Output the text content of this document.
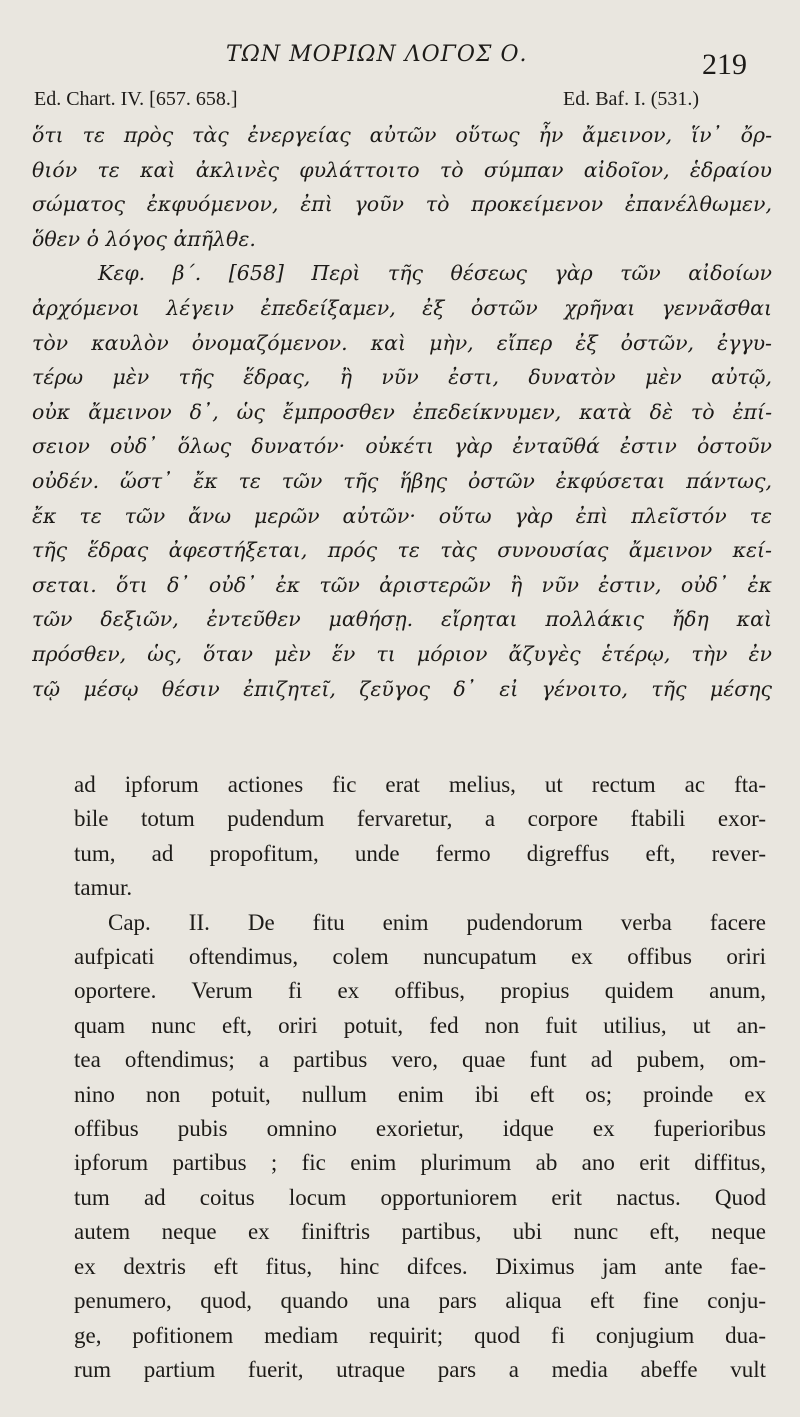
ΤΩΝ ΜΟΡΙΩΝ ΛΟΓΟΣ Ο.	219
Ed. Chart. IV. [657. 658.]	Ed. Baf. I. (531.)
ὅτι τε πρὸς τὰς ἐνεργείας αὐτῶν οὕτως ἦν ἄμεινον, ἵν᾽ ὄρ-
θιόν τε καὶ ἀκλινὲς φυλάττοιτο τὸ σύμπαν αἰδοῖον, ἑδραίου
σώματος ἐκφυόμενον, ἐπὶ γοῦν τὸ προκείμενον ἐπανέλθωμεν,
ὅθεν ὁ λόγος ἀπῆλθε.
Κεφ. β΄. [658] Περὶ τῆς θέσεως γὰρ τῶν αἰδοίων
ἀρχόμενοι λέγειν ἐπεδείξαμεν, ἐξ ὀστῶν χρῆναι γεννᾶσθαι
τὸν καυλὸν ὀνομαζόμενον. καὶ μὴν, εἴπερ ἐξ ὀστῶν, ἐγγυ-
τέρω μὲν τῆς ἕδρας, ἢ νῦν ἐστι, δυνατὸν μὲν αὐτῷ,
οὐκ ἄμεινον δ᾽, ὡς ἔμπροσθεν ἐπεδείκνυμεν, κατὰ δὲ τὸ ἐπί-
σειον οὐδ᾽ ὅλως δυνατόν· οὐκέτι γὰρ ἐνταῦθά ἐστιν ὀστοῦν
οὐδέν. ὥστ᾽ ἔκ τε τῶν τῆς ἥβης ὀστῶν ἐκφύσεται πάντως,
ἔκ τε τῶν ἄνω μερῶν αὐτῶν· οὕτω γὰρ ἐπὶ πλεῖστόν τε
τῆς ἕδρας ἀφεστήξεται, πρός τε τὰς συνουσίας ἄμεινον κεί-
σεται. ὅτι δ᾽ οὐδ᾽ ἐκ τῶν ἀριστερῶν ἢ νῦν ἐστιν, οὐδ᾽ ἐκ
τῶν δεξιῶν, ἐντεῦθεν μαθήσῃ. εἴρηται πολλάκις ἤδη καὶ
πρόσθεν, ὡς, ὅταν μὲν ἕν τι μόριον ἄζυγὲς ἑτέρῳ, τὴν ἐν
τῷ μέσῳ θέσιν ἐπιζητεῖ, ζεῦγος δ᾽ εἰ γένοιτο, τῆς μέσης
ad ipforum actiones fic erat melius, ut rectum ac fta-
bile totum pudendum fervaretur, a corpore ftabili exor-
tum, ad propofitum, unde fermo digreffus eft, rever-
tamur.
Cap. II. De fitu enim pudendorum verba facere
aufpicati oftendimus, colem nuncupatum ex offibus oriri
oportere. Verum fi ex offibus, propius quidem anum,
quam nunc eft, oriri potuit, fed non fuit utilius, ut an-
tea oftendimus; a partibus vero, quae funt ad pubem, om-
nino non potuit, nullum enim ibi eft os; proinde ex
offibus pubis omnino exorietur, idque ex fuperioribus
ipforum partibus ; fic enim plurimum ab ano erit diffitus,
tum ad coitus locum opportuniorem erit nactus. Quod
autem neque ex finiftris partibus, ubi nunc eft, neque
ex dextris eft fitus, hinc difces. Diximus jam ante fae-
penumero, quod, quando una pars aliqua eft fine conju-
ge, pofitionem mediam requirit; quod fi conjugium dua-
rum partium fuerit, utraque pars a media abeffe vult
